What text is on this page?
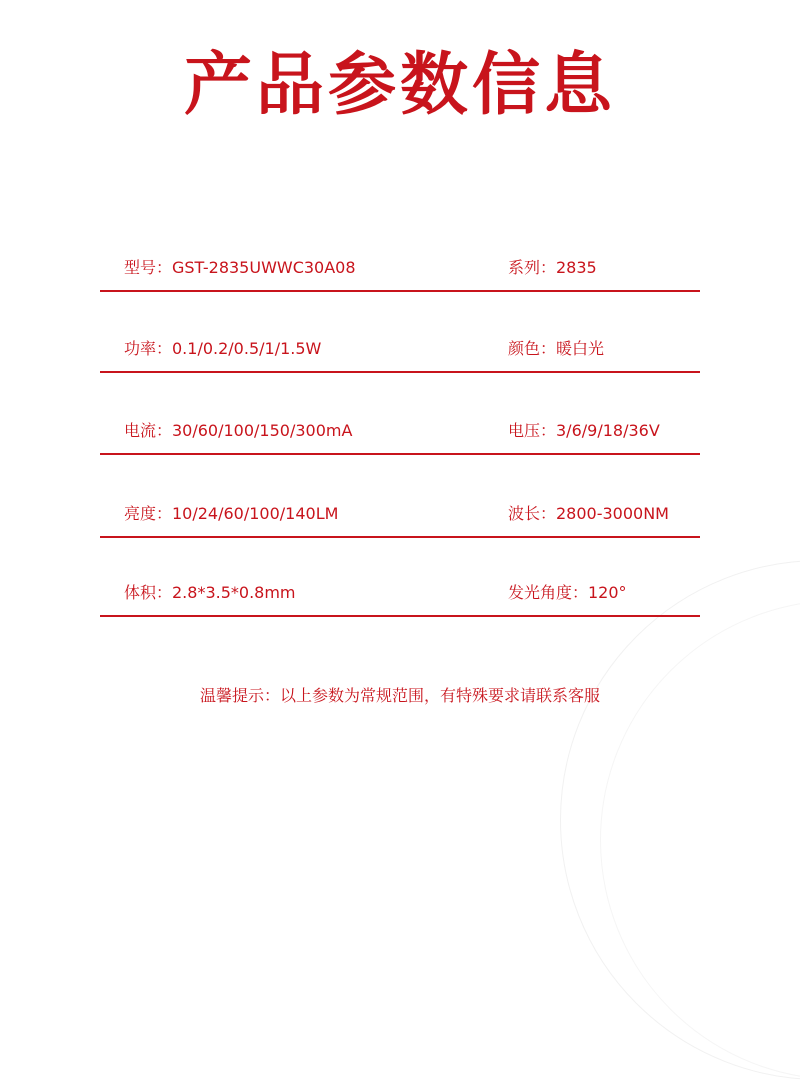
产品参数信息
型号：GST-2835UWWC30A08	系列：2835
功率：0.1/0.2/0.5/1/1.5W	颜色：暖白光
电流：30/60/100/150/300mA	电压：3/6/9/18/36V
亮度：10/24/60/100/140LM	波长：2800-3000NM
体积：2.8*3.5*0.8mm	发光角度：120°
温馨提示：以上参数为常规范围，有特殊要求请联系客服
